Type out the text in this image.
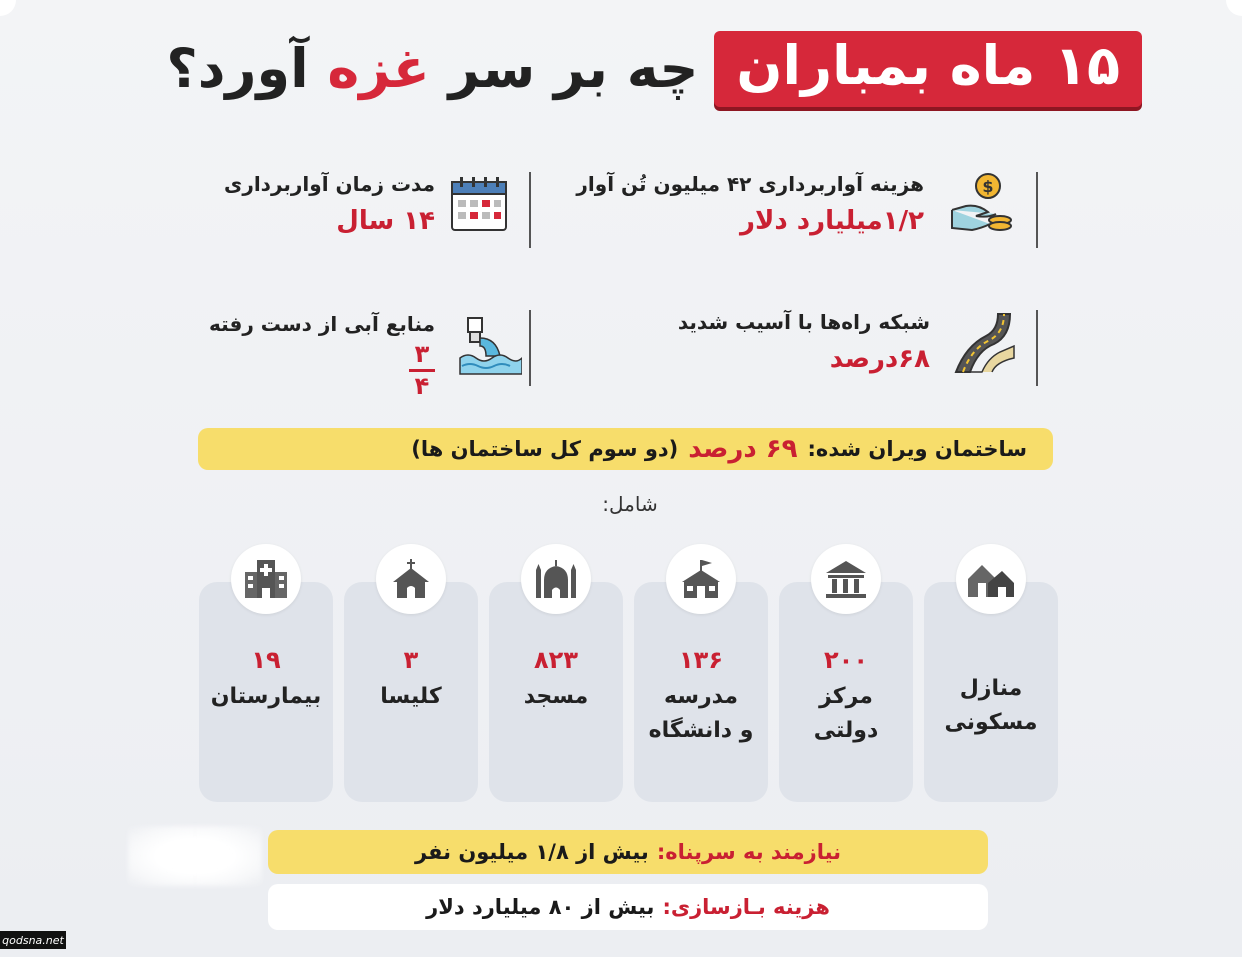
۱۵ ماه بمباران
چه بر سر غزه آورد؟
هزینه آواربرداری ۴۲ میلیون تُن آوار
۱/۲میلیارد دلار
$
مدت زمان آواربرداری
۱۴ سال
شبکه راه‌ها با آسیب شدید
۶۸درصد
منابع آبی از دست رفته
$\frac{۳}{۴}$
ساختمان ویران شده:
۶۹ درصد
(دو سوم کل ساختمان ها)
شامل:
منازل
مسکونی
۲۰۰
مرکز
دولتی
۱۳۶
مدرسه
و دانشگاه
۸۲۳
مسجد
۳
کلیسا
۱۹
بیمارستان
نیازمند به سرپناه:
بیش از ۱/۸ میلیون نفر
هزینه بـازسازی:
بیش از ۸۰ میلیارد دلار
qodsna.net
